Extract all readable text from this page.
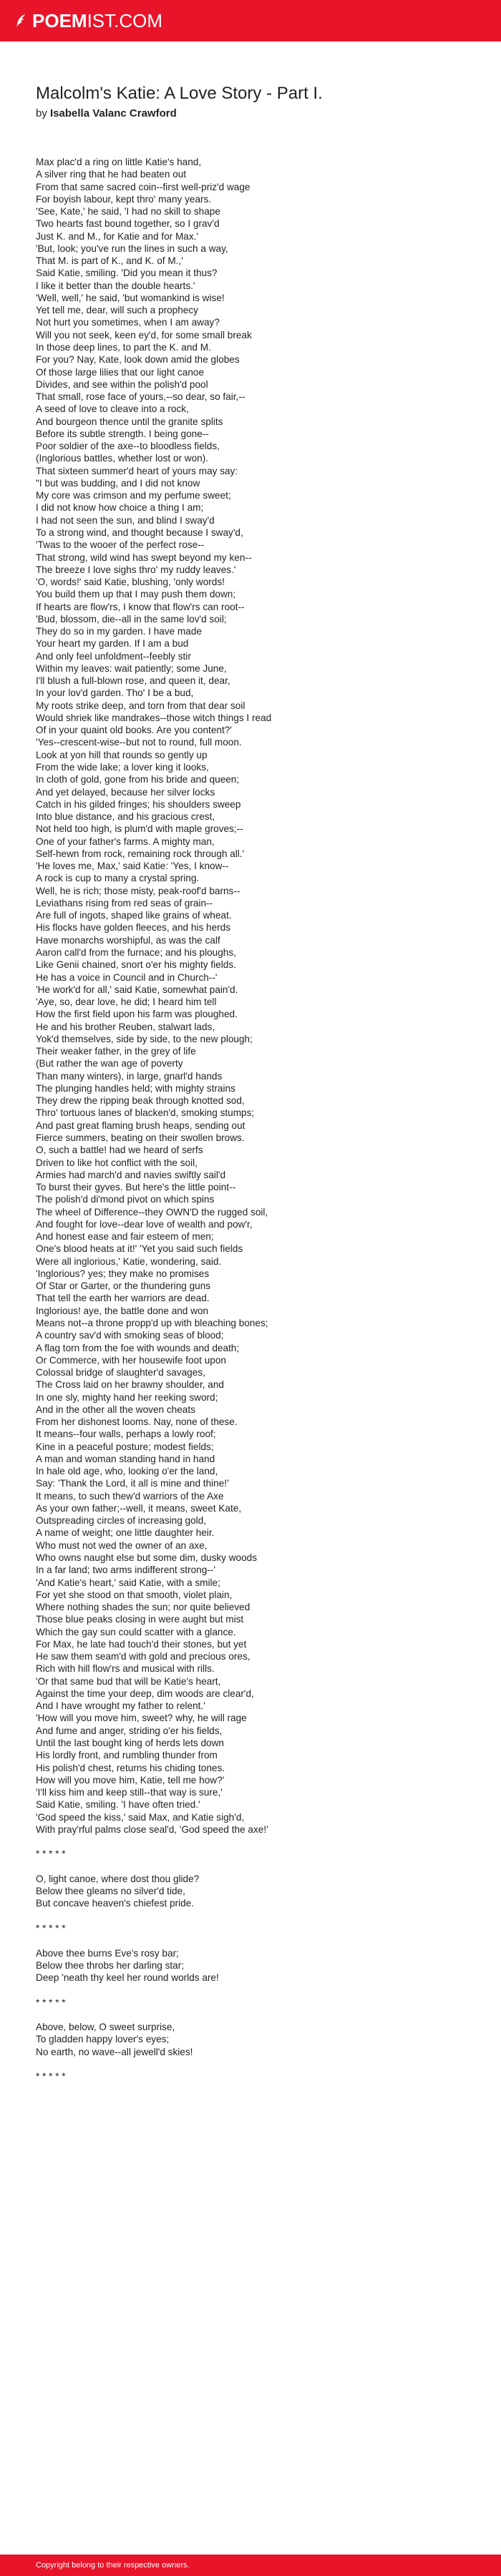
POEMIST.COM
Malcolm's Katie: A Love Story - Part I.
by Isabella Valanc Crawford
Max plac'd a ring on little Katie's hand,
A silver ring that he had beaten out
From that same sacred coin--first well-priz'd wage
For boyish labour, kept thro' many years.
'See, Kate,' he said, 'I had no skill to shape
Two hearts fast bound together, so I grav'd
Just K. and M., for Katie and for Max.'
'But, look; you've run the lines in such a way,
That M. is part of K., and K. of M.,'
Said Katie, smiling. 'Did you mean it thus?
I like it better than the double hearts.'
'Well, well,' he said, 'but womankind is wise!
Yet tell me, dear, will such a prophecy
Not hurt you sometimes, when I am away?
Will you not seek, keen ey'd, for some small break
In those deep lines, to part the K. and M.
For you? Nay, Kate, look down amid the globes
Of those large lilies that our light canoe
Divides, and see within the polish'd pool
That small, rose face of yours,--so dear, so fair,--
A seed of love to cleave into a rock,
And bourgeon thence until the granite splits
Before its subtle strength. I being gone--
Poor soldier of the axe--to bloodless fields,
(Inglorious battles, whether lost or won).
That sixteen summer'd heart of yours may say:
"I but was budding, and I did not know
My core was crimson and my perfume sweet;
I did not know how choice a thing I am;
I had not seen the sun, and blind I sway'd
To a strong wind, and thought because I sway'd,
'Twas to the wooer of the perfect rose--
That strong, wild wind has swept beyond my ken--
The breeze I love sighs thro' my ruddy leaves.'
'O, words!' said Katie, blushing, 'only words!
You build them up that I may push them down;
If hearts are flow'rs, I know that flow'rs can root--
'Bud, blossom, die--all in the same lov'd soil;
They do so in my garden. I have made
Your heart my garden. If I am a bud
And only feel unfoldment--feebly stir
Within my leaves: wait patiently; some June,
I'll blush a full-blown rose, and queen it, dear,
In your lov'd garden. Tho' I be a bud,
My roots strike deep, and torn from that dear soil
Would shriek like mandrakes--those witch things I read
Of in your quaint old books. Are you content?'
'Yes--crescent-wise--but not to round, full moon.
Look at yon hill that rounds so gently up
From the wide lake; a lover king it looks,
In cloth of gold, gone from his bride and queen;
And yet delayed, because her silver locks
Catch in his gilded fringes; his shoulders sweep
Into blue distance, and his gracious crest,
Not held too high, is plum'd with maple groves;--
One of your father's farms. A mighty man,
Self-hewn from rock, remaining rock through all.'
'He loves me, Max,' said Katie: 'Yes, I know--
A rock is cup to many a crystal spring.
Well, he is rich; those misty, peak-roof'd barns--
Leviathans rising from red seas of grain--
Are full of ingots, shaped like grains of wheat.
His flocks have golden fleeces, and his herds
Have monarchs worshipful, as was the calf
Aaron call'd from the furnace; and his ploughs,
Like Genii chained, snort o'er his mighty fields.
He has a voice in Council and in Church--'
'He work'd for all,' said Katie, somewhat pain'd.
'Aye, so, dear love, he did; I heard him tell
How the first field upon his farm was ploughed.
He and his brother Reuben, stalwart lads,
Yok'd themselves, side by side, to the new plough;
Their weaker father, in the grey of life
(But rather the wan age of poverty
Than many winters), in large, gnarl'd hands
The plunging handles held; with mighty strains
They drew the ripping beak through knotted sod,
Thro' tortuous lanes of blacken'd, smoking stumps;
And past great flaming brush heaps, sending out
Fierce summers, beating on their swollen brows.
O, such a battle! had we heard of serfs
Driven to like hot conflict with the soil,
Armies had march'd and navies swiftly sail'd
To burst their gyves. But here's the little point--
The polish'd di'mond pivot on which spins
The wheel of Difference--they OWN'D the rugged soil,
And fought for love--dear love of wealth and pow'r,
And honest ease and fair esteem of men;
One's blood heats at it!' 'Yet you said such fields
Were all inglorious,' Katie, wondering, said.
'Inglorious? yes; they make no promises
Of Star or Garter, or the thundering guns
That tell the earth her warriors are dead.
Inglorious! aye, the battle done and won
Means not--a throne propp'd up with bleaching bones;
A country sav'd with smoking seas of blood;
A flag torn from the foe with wounds and death;
Or Commerce, with her housewife foot upon
Colossal bridge of slaughter'd savages,
The Cross laid on her brawny shoulder, and
In one sly, mighty hand her reeking sword;
And in the other all the woven cheats
From her dishonest looms. Nay, none of these.
It means--four walls, perhaps a lowly roof;
Kine in a peaceful posture; modest fields;
A man and woman standing hand in hand
In hale old age, who, looking o'er the land,
Say: 'Thank the Lord, it all is mine and thine!'
It means, to such thew'd warriors of the Axe
As your own father;--well, it means, sweet Kate,
Outspreading circles of increasing gold,
A name of weight; one little daughter heir.
Who must not wed the owner of an axe,
Who owns naught else but some dim, dusky woods
In a far land; two arms indifferent strong--'
'And Katie's heart,' said Katie, with a smile;
For yet she stood on that smooth, violet plain,
Where nothing shades the sun; nor quite believed
Those blue peaks closing in were aught but mist
Which the gay sun could scatter with a glance.
For Max, he late had touch'd their stones, but yet
He saw them seam'd with gold and precious ores,
Rich with hill flow'rs and musical with rills.
'Or that same bud that will be Katie's heart,
Against the time your deep, dim woods are clear'd,
And I have wrought my father to relent.'
'How will you move him, sweet? why, he will rage
And fume and anger, striding o'er his fields,
Until the last bought king of herds lets down
His lordly front, and rumbling thunder from
His polish'd chest, returns his chiding tones.
How will you move him, Katie, tell me how?'
'I'll kiss him and keep still--that way is sure,'
Said Katie, smiling. 'I have often tried.'
'God speed the kiss,' said Max, and Katie sigh'd,
With pray'rful palms close seal'd, 'God speed the axe!'
* * * * *
O, light canoe, where dost thou glide?
Below thee gleams no silver'd tide,
But concave heaven's chiefest pride.
* * * * *
Above thee burns Eve's rosy bar;
Below thee throbs her darling star;
Deep 'neath thy keel her round worlds are!
* * * * *
Above, below, O sweet surprise,
To gladden happy lover's eyes;
No earth, no wave--all jewell'd skies!
* * * * *
Copyright belong to their respective owners.
